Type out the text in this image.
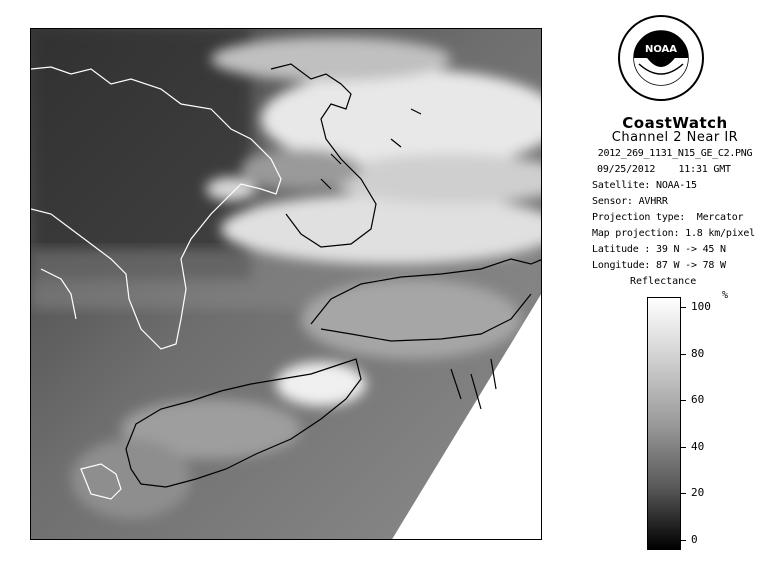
NOAA
CoastWatch
Channel 2 Near IR
2012_269_1131_N15_GE_C2.PNG
09/25/2012    11:31 GMT
Satellite: NOAA-15
Sensor: AVHRR
Projection type:  Mercator
Map projection: 1.8 km/pixel
Latitude : 39 N -> 45 N
Longitude: 87 W -> 78 W
Reflectance
%
100
80
60
40
20
0
